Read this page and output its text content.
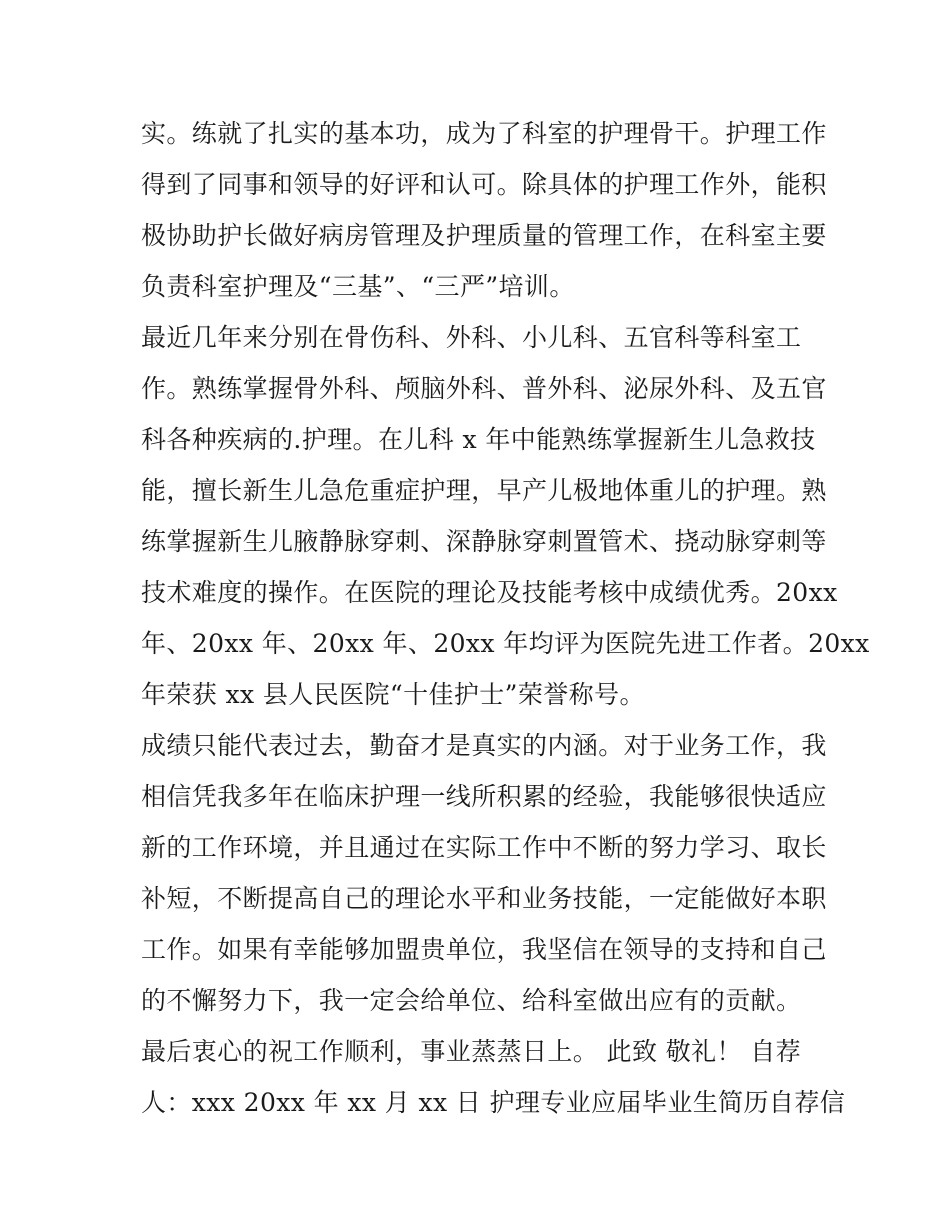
实。练就了扎实的基本功，成为了科室的护理骨干。护理工作
得到了同事和领导的好评和认可。除具体的护理工作外，能积
极协助护长做好病房管理及护理质量的管理工作，在科室主要
负责科室护理及“三基”、“三严”培训。
最近几年来分别在骨伤科、外科、小儿科、五官科等科室工
作。熟练掌握骨外科、颅脑外科、普外科、泌尿外科、及五官
科各种疾病的.护理。在儿科 x 年中能熟练掌握新生儿急救技
能，擅长新生儿急危重症护理，早产儿极地体重儿的护理。熟
练掌握新生儿腋静脉穿刺、深静脉穿刺置管术、挠动脉穿刺等
技术难度的操作。在医院的理论及技能考核中成绩优秀。20xx
年、20xx 年、20xx 年、20xx 年均评为医院先进工作者。20xx
年荣获 xx 县人民医院“十佳护士”荣誉称号。
成绩只能代表过去，勤奋才是真实的内涵。对于业务工作，我
相信凭我多年在临床护理一线所积累的经验，我能够很快适应
新的工作环境，并且通过在实际工作中不断的努力学习、取长
补短，不断提高自己的理论水平和业务技能，一定能做好本职
工作。如果有幸能够加盟贵单位，我坚信在领导的支持和自己
的不懈努力下，我一定会给单位、给科室做出应有的贡献。
最后衷心的祝工作顺利，事业蒸蒸日上。 此致 敬礼！ 自荐
人：xxx 20xx 年 xx 月 xx 日 护理专业应届毕业生简历自荐信
